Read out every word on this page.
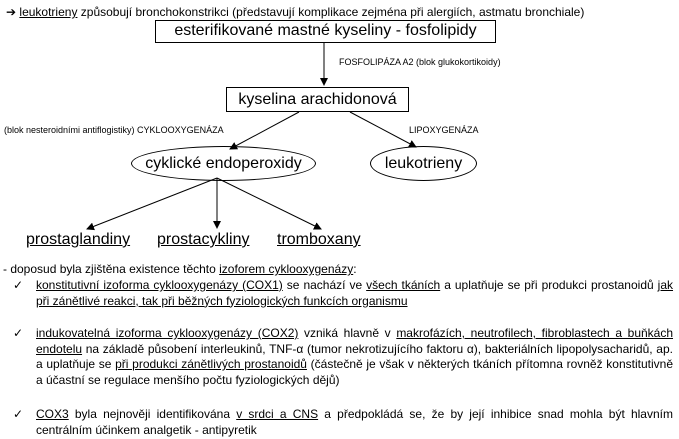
➔ leukotrieny způsobují bronchokonstrikci (představují komplikace zejména při alergiích, astmatu bronchiale)
esterifikované mastné kyseliny - fosfolipidy
FOSFOLIPÁZA A2 (blok glukokortikoidy)
kyselina arachidonová
(blok nesteroidními antiflogistiky) CYKLOOXYGENÁZA	LIPOXYGENÁZA
cyklické endoperoxidy	leukotrieny
prostaglandiny prostacykliny tromboxany
- doposud byla zjištěna existence těchto izoforem cyklooxygenázy:
✓ konstitutivní izoforma cyklooxygenázy (COX1) se nachází ve všech tkáních a uplatňuje se při produkci prostanoidů jak při zánětlivé reakci, tak při běžných fyziologických funkcích organismu
✓ indukovatelná izoforma cyklooxygenázy (COX2) vzniká hlavně v makrofázích, neutrofilech, fibroblastech a buňkách endotelu na základě působení interleukinů, TNF-α (tumor nekrotizujícího faktoru α), bakteriálních lipopolysacharidů, ap. a uplatňuje se při produkci zánětlivých prostanoidů (částečně je však v některých tkáních přítomna rovněž konstitutivně a účastní se regulace menšího počtu fyziologických dějů)
✓ COX3 byla nejnověji identifikována v srdci a CNS a předpokládá se, že by její inhibice snad mohla být hlavním centrálním účinkem analgetik - antipyretik
